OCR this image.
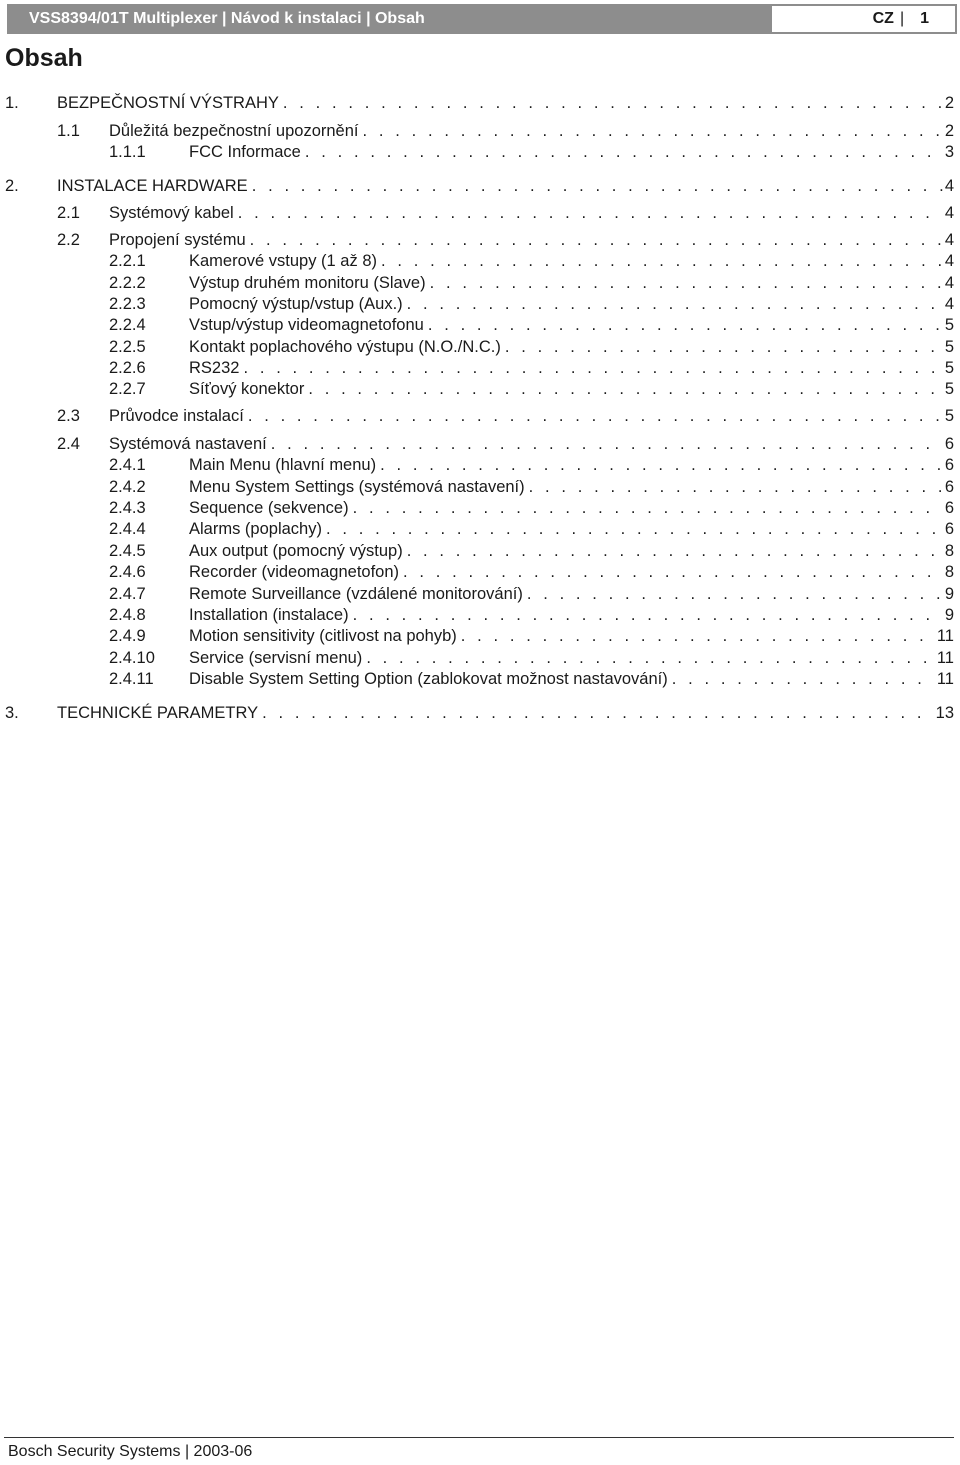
VSS8394/01T Multiplexer | Návod k instalaci | Obsah	CZ | 1
Obsah
1. BEZPEČNOSTNÍ VÝSTRAHY . . .	2
1.1 Důležitá bezpečnostní upozornění . . .	2
1.1.1	FCC Informace . . .	3
2. INSTALACE HARDWARE . . .	4
2.1 Systémový kabel . . .	4
2.2 Propojení systému . . .	4
2.2.1	Kamerové vstupy (1 až 8) . . .	4
2.2.2	Výstup druhém monitoru (Slave) . . .	4
2.2.3	Pomocný výstup/vstup (Aux.) . . .	4
2.2.4	Vstup/výstup videomagnetofonu . . .	5
2.2.5	Kontakt poplachového výstupu (N.O./N.C.) . . .	5
2.2.6	RS232 . . .	5
2.2.7	Síťový konektor . . .	5
2.3 Průvodce instalací . . .	5
2.4 Systémová nastavení . . .	6
2.4.1	Main Menu (hlavní menu) . . .	6
2.4.2	Menu System Settings (systémová nastavení) . . .	6
2.4.3	Sequence (sekvence) . . .	6
2.4.4	Alarms (poplachy) . . .	6
2.4.5	Aux output (pomocný výstup) . . .	8
2.4.6	Recorder (videomagnetofon) . . .	8
2.4.7	Remote Surveillance (vzdálené monitorování) . . .	9
2.4.8	Installation (instalace) . . .	9
2.4.9	Motion sensitivity (citlivost na pohyb) . . .	11
2.4.10 Service (servisní menu) . . .	11
2.4.11 Disable System Setting Option (zablokovat možnost nastavování) . . .	11
3. TECHNICKÉ PARAMETRY . . .	13
Bosch Security Systems | 2003-06
